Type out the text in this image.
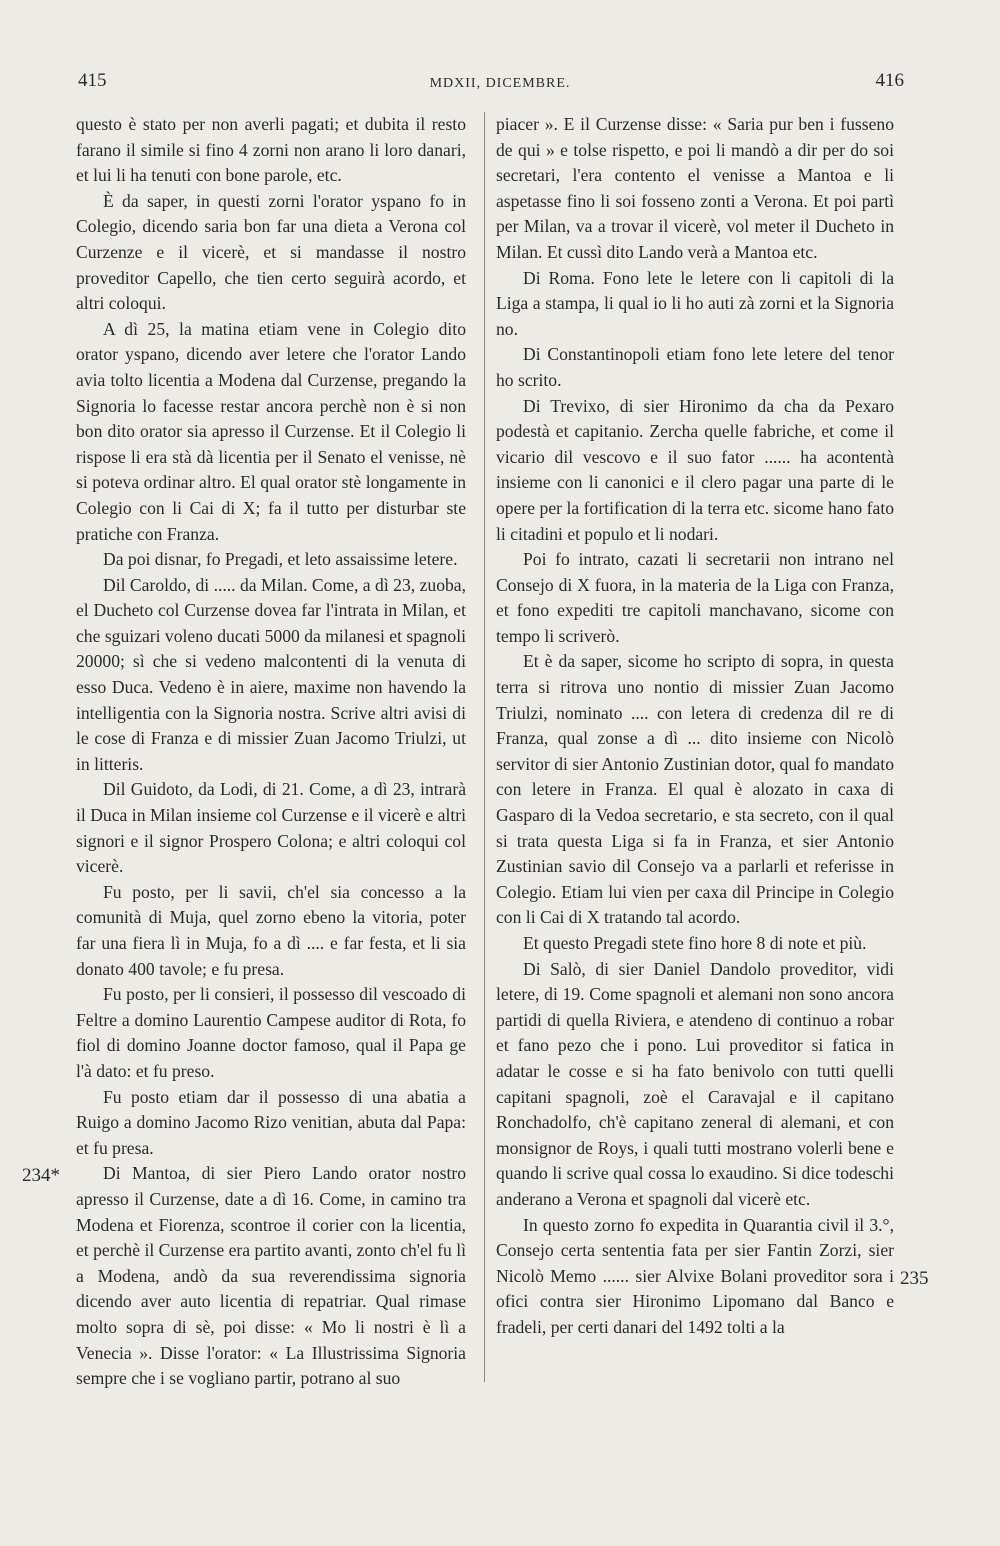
415	MDXII, DICEMBRE.	416
234*
235

questo è stato per non averli pagati; et dubita il resto farano il simile si fino 4 zorni non arano li loro danari, et lui li ha tenuti con bone parole, etc.

È da saper, in questi zorni l'orator yspano fo in Colegio, dicendo saria bon far una dieta a Verona col Curzenze e il vicerè, et si mandasse il nostro proveditor Capello, che tien certo seguirà acordo, et altri coloqui.

A dì 25, la matina etiam vene in Colegio dito orator yspano, dicendo aver letere che l'orator Lando avia tolto licentia a Modena dal Curzense, pregando la Signoria lo facesse restar ancora perchè non è si non bon dito orator sia apresso il Curzense. Et il Colegio li rispose li era stà dà licentia per il Senato el venisse, nè si poteva ordinar altro. El qual orator stè longamente in Colegio con li Cai di X; fa il tutto per disturbar ste pratiche con Franza.

Da poi disnar, fo Pregadi, et leto assaissime letere.

Dil Caroldo, di ..... da Milan. Come, a dì 23, zuoba, el Ducheto col Curzense dovea far l'intrata in Milan, et che sguizari voleno ducati 5000 da milanesi et spagnoli 20000; sì che si vedeno malcontenti di la venuta di esso Duca. Vedeno è in aiere, maxime non havendo la intelligentia con la Signoria nostra. Scrive altri avisi di le cose di Franza e di missier Zuan Jacomo Triulzi, ut in litteris.

Dil Guidoto, da Lodi, di 21. Come, a dì 23, intrarà il Duca in Milan insieme col Curzense e il vicerè e altri signori e il signor Prospero Colona; e altri coloqui col vicerè.

Fu posto, per li savii, ch'el sia concesso a la comunità di Muja, quel zorno ebeno la vitoria, poter far una fiera lì in Muja, fo a dì .... e far festa, et li sia donato 400 tavole; e fu presa.

Fu posto, per li consieri, il possesso dil vescoado di Feltre a domino Laurentio Campese auditor di Rota, fo fiol di domino Joanne doctor famoso, qual il Papa ge l'à dato: et fu preso.

Fu posto etiam dar il possesso di una abatia a Ruigo a domino Jacomo Rizo venitian, abuta dal Papa: et fu presa.

Di Mantoa, di sier Piero Lando orator nostro apresso il Curzense, date a dì 16. Come, in camino tra Modena et Fiorenza, scontroe il corier con la licentia, et perchè il Curzense era partito avanti, zonto ch'el fu lì a Modena, andò da sua reverendissima signoria dicendo aver auto licentia di repatriar. Qual rimase molto sopra di sè, poi disse: « Mo li nostri è lì a Venecia ». Disse l'orator: « La Illustrissima Signoria sempre che i se vogliano partir, potrano al suo

piacer ». E il Curzense disse: « Saria pur ben i fusseno de qui » e tolse rispetto, e poi li mandò a dir per do soi secretari, l'era contento el venisse a Mantoa e li aspetasse fino li soi fosseno zonti a Verona. Et poi partì per Milan, va a trovar il vicerè, vol meter il Ducheto in Milan. Et cussì dito Lando verà a Mantoa etc.

Di Roma. Fono lete le letere con li capitoli di la Liga a stampa, li qual io li ho auti zà zorni et la Signoria no.

Di Constantinopoli etiam fono lete letere del tenor ho scrito.

Di Trevixo, di sier Hironimo da cha da Pexaro podestà et capitanio. Zercha quelle fabriche, et come il vicario dil vescovo e il suo fator ...... ha acontentà insieme con li canonici e il clero pagar una parte di le opere per la fortification di la terra etc. sicome hano fato li citadini et populo et li nodari.

Poi fo intrato, cazati li secretarii non intrano nel Consejo di X fuora, in la materia de la Liga con Franza, et fono expediti tre capitoli manchavano, sicome con tempo li scriverò.

Et è da saper, sicome ho scripto di sopra, in questa terra si ritrova uno nontio di missier Zuan Jacomo Triulzi, nominato .... con letera di credenza dil re di Franza, qual zonse a dì ... dito insieme con Nicolò servitor di sier Antonio Zustinian dotor, qual fo mandato con letere in Franza. El qual è alozato in caxa di Gasparo di la Vedoa secretario, e sta secreto, con il qual si trata questa Liga si fa in Franza, et sier Antonio Zustinian savio dil Consejo va a parlarli et referisse in Colegio. Etiam lui vien per caxa dil Principe in Colegio con li Cai di X tratando tal acordo.

Et questo Pregadi stete fino hore 8 di note et più.

Di Salò, di sier Daniel Dandolo proveditor, vidi letere, di 19. Come spagnoli et alemani non sono ancora partidi di quella Riviera, e atendeno di continuo a robar et fano pezo che i pono. Lui proveditor si fatica in adatar le cosse e si ha fato benivolo con tutti quelli capitani spagnoli, zoè el Caravajal e il capitano Ronchadolfo, ch'è capitano zeneral di alemani, et con monsignor de Roys, i quali tutti mostrano volerli bene e quando li scrive qual cossa lo exaudino. Si dice todeschi anderano a Verona et spagnoli dal vicerè etc.

In questo zorno fo expedita in Quarantia civil il 3.°, Consejo certa sententia fata per sier Fantin Zorzi, sier Nicolò Memo ...... sier Alvixe Bolani proveditor sora i ofici contra sier Hironimo Lipomano dal Banco e fradeli, per certi danari del 1492 tolti a la
